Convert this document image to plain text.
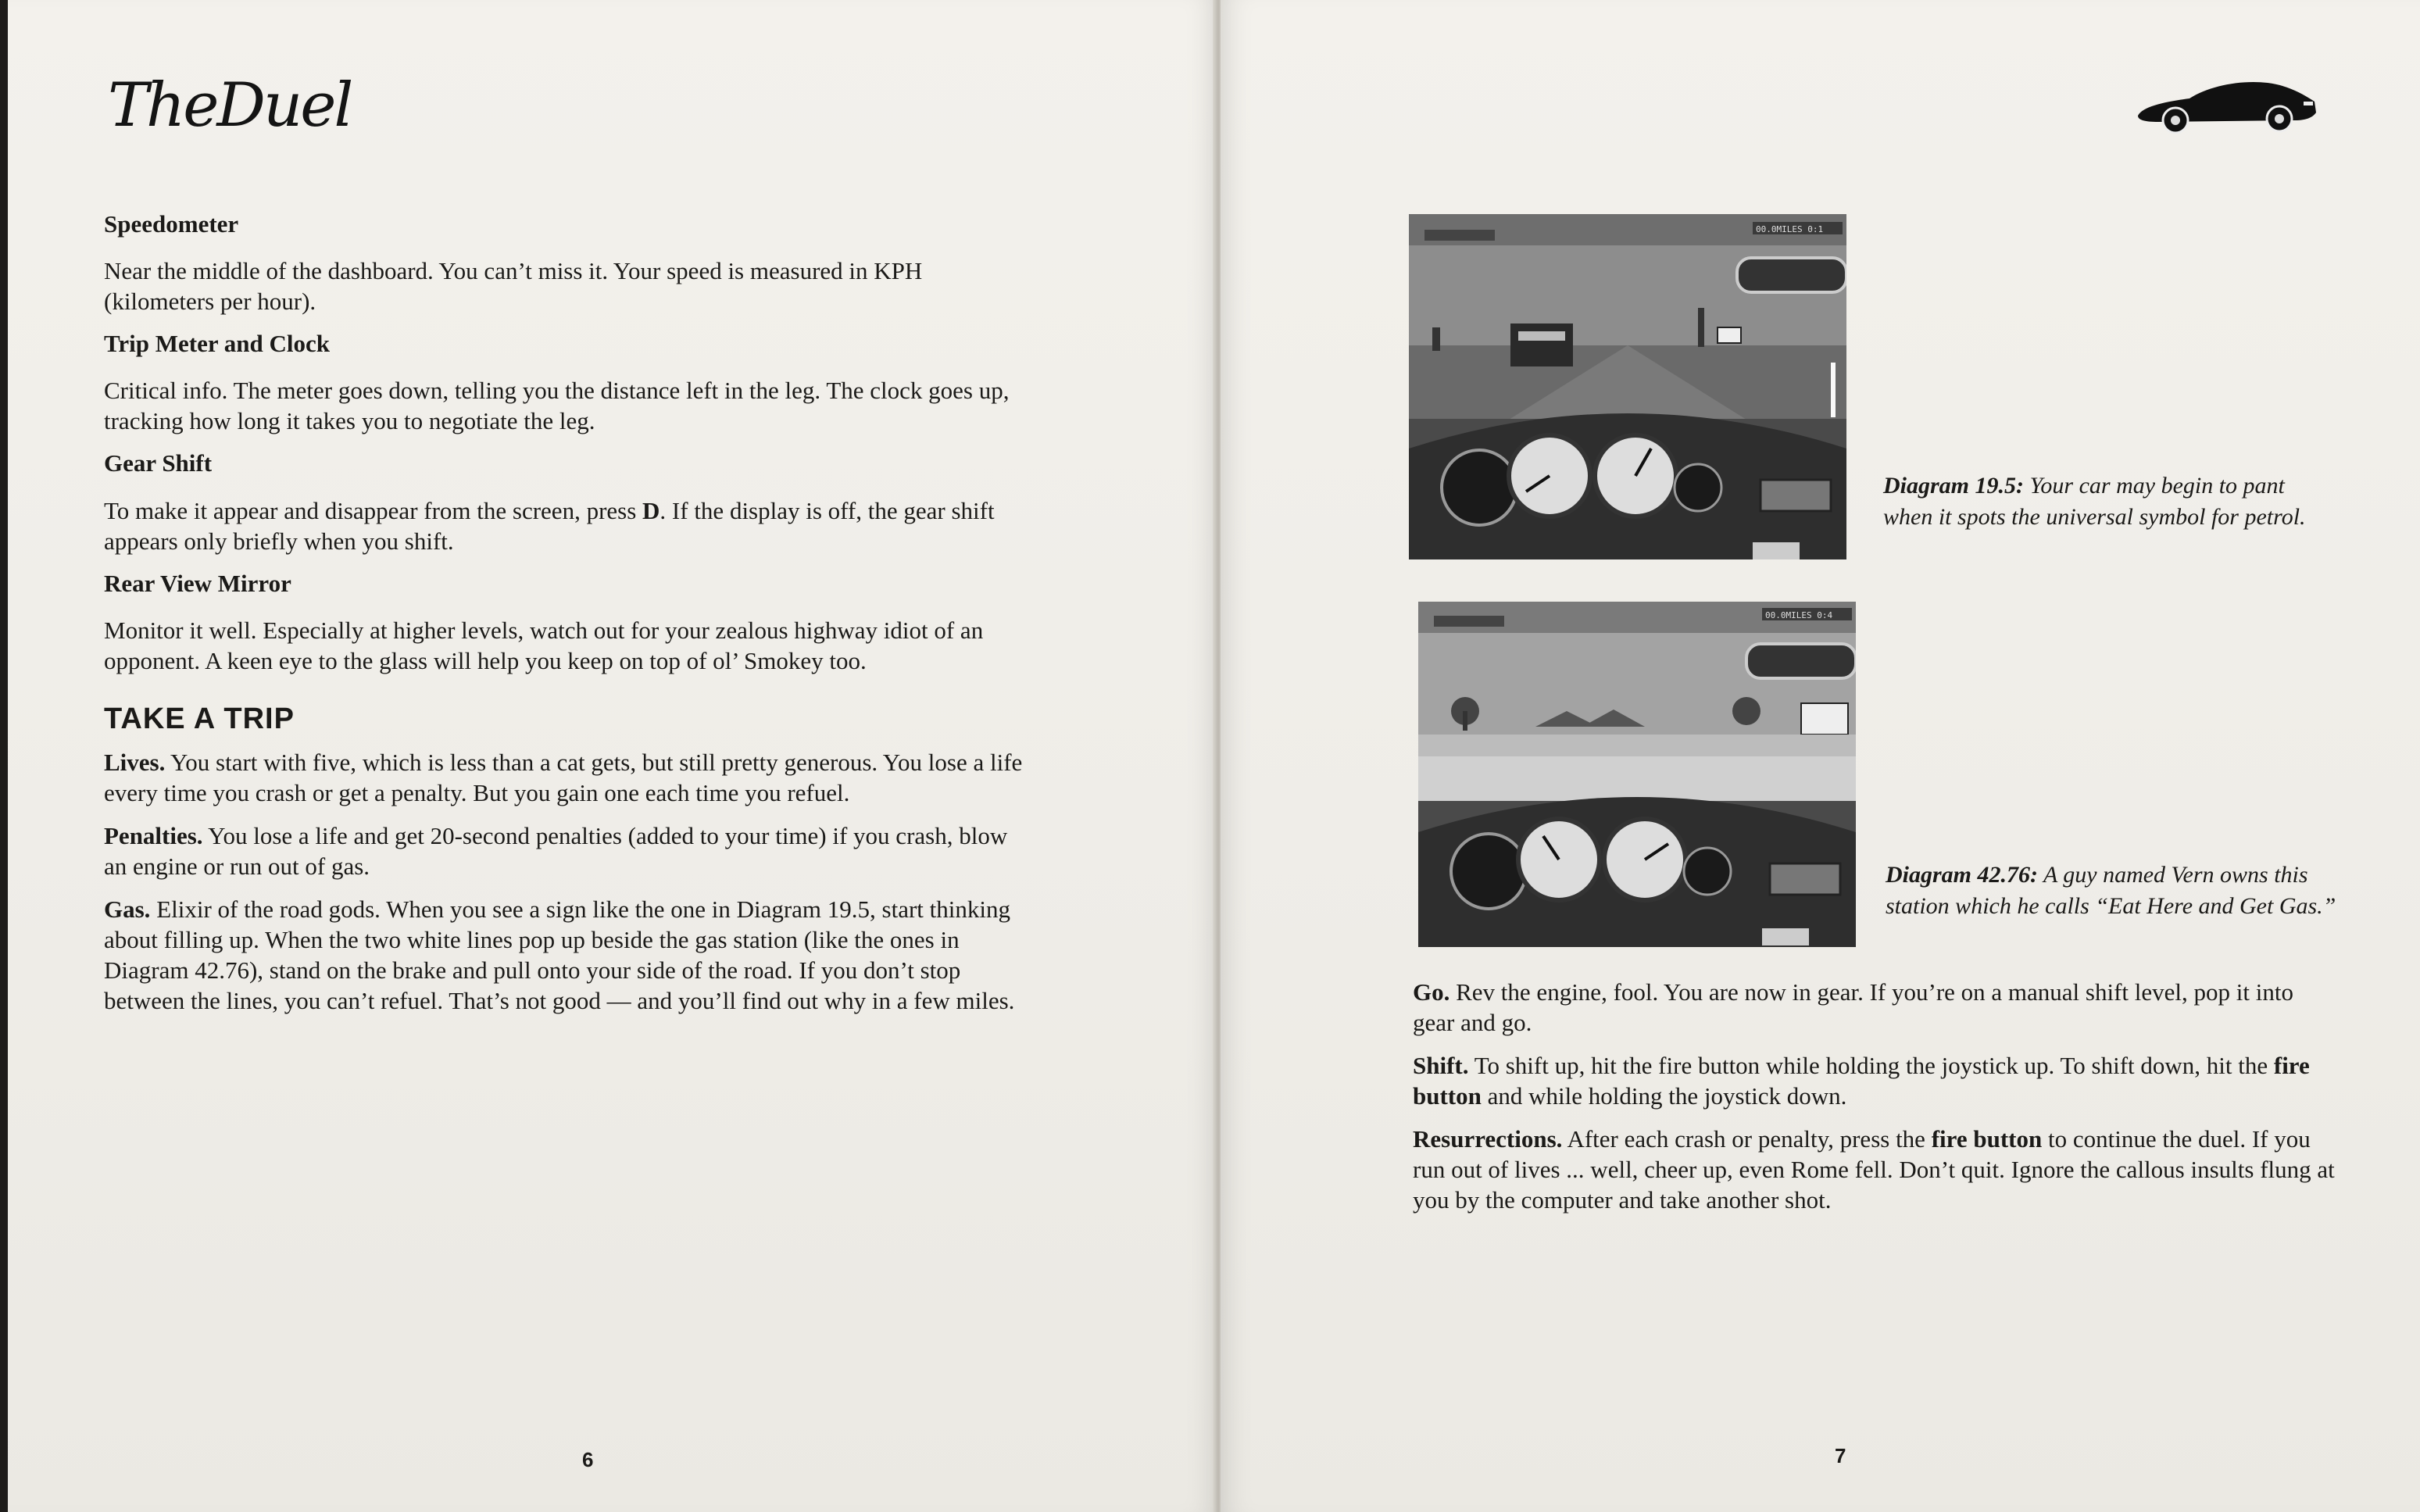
TheDuel
Speedometer

Near the middle of the dashboard. You can’t miss it. Your speed is measured in KPH (kilometers per hour).

Trip Meter and Clock

Critical info. The meter goes down, telling you the distance left in the leg. The clock goes up, tracking how long it takes you to negotiate the leg.

Gear Shift

To make it appear and disappear from the screen, press D. If the display is off, the gear shift appears only briefly when you shift.

Rear View Mirror

Monitor it well. Especially at higher levels, watch out for your zealous highway idiot of an opponent. A keen eye to the glass will help you keep on top of ol’ Smokey too.

TAKE A TRIP

Lives. You start with five, which is less than a cat gets, but still pretty generous. You lose a life every time you crash or get a penalty. But you gain one each time you refuel.

Penalties. You lose a life and get 20-second penalties (added to your time) if you crash, blow an engine or run out of gas.

Gas. Elixir of the road gods. When you see a sign like the one in Diagram 19.5, start thinking about filling up. When the two white lines pop up beside the gas station (like the ones in Diagram 42.76), stand on the brake and pull onto your side of the road. If you don’t stop between the lines, you can’t refuel. That’s not good — and you’ll find out why in a few miles.

6
00.0MILES 0:1
Diagram 19.5: Your car may begin to pant when it spots the universal symbol for petrol.
00.0MILES 0:4
Diagram 42.76: A guy named Vern owns this station which he calls “Eat Here and Get Gas.”

Go. Rev the engine, fool. You are now in gear. If you’re on a manual shift level, pop it into gear and go.

Shift. To shift up, hit the fire button while holding the joystick up. To shift down, hit the fire button and while holding the joystick down.

Resurrections. After each crash or penalty, press the fire button to continue the duel. If you run out of lives ... well, cheer up, even Rome fell. Don’t quit. Ignore the callous insults flung at you by the computer and take another shot.

7
